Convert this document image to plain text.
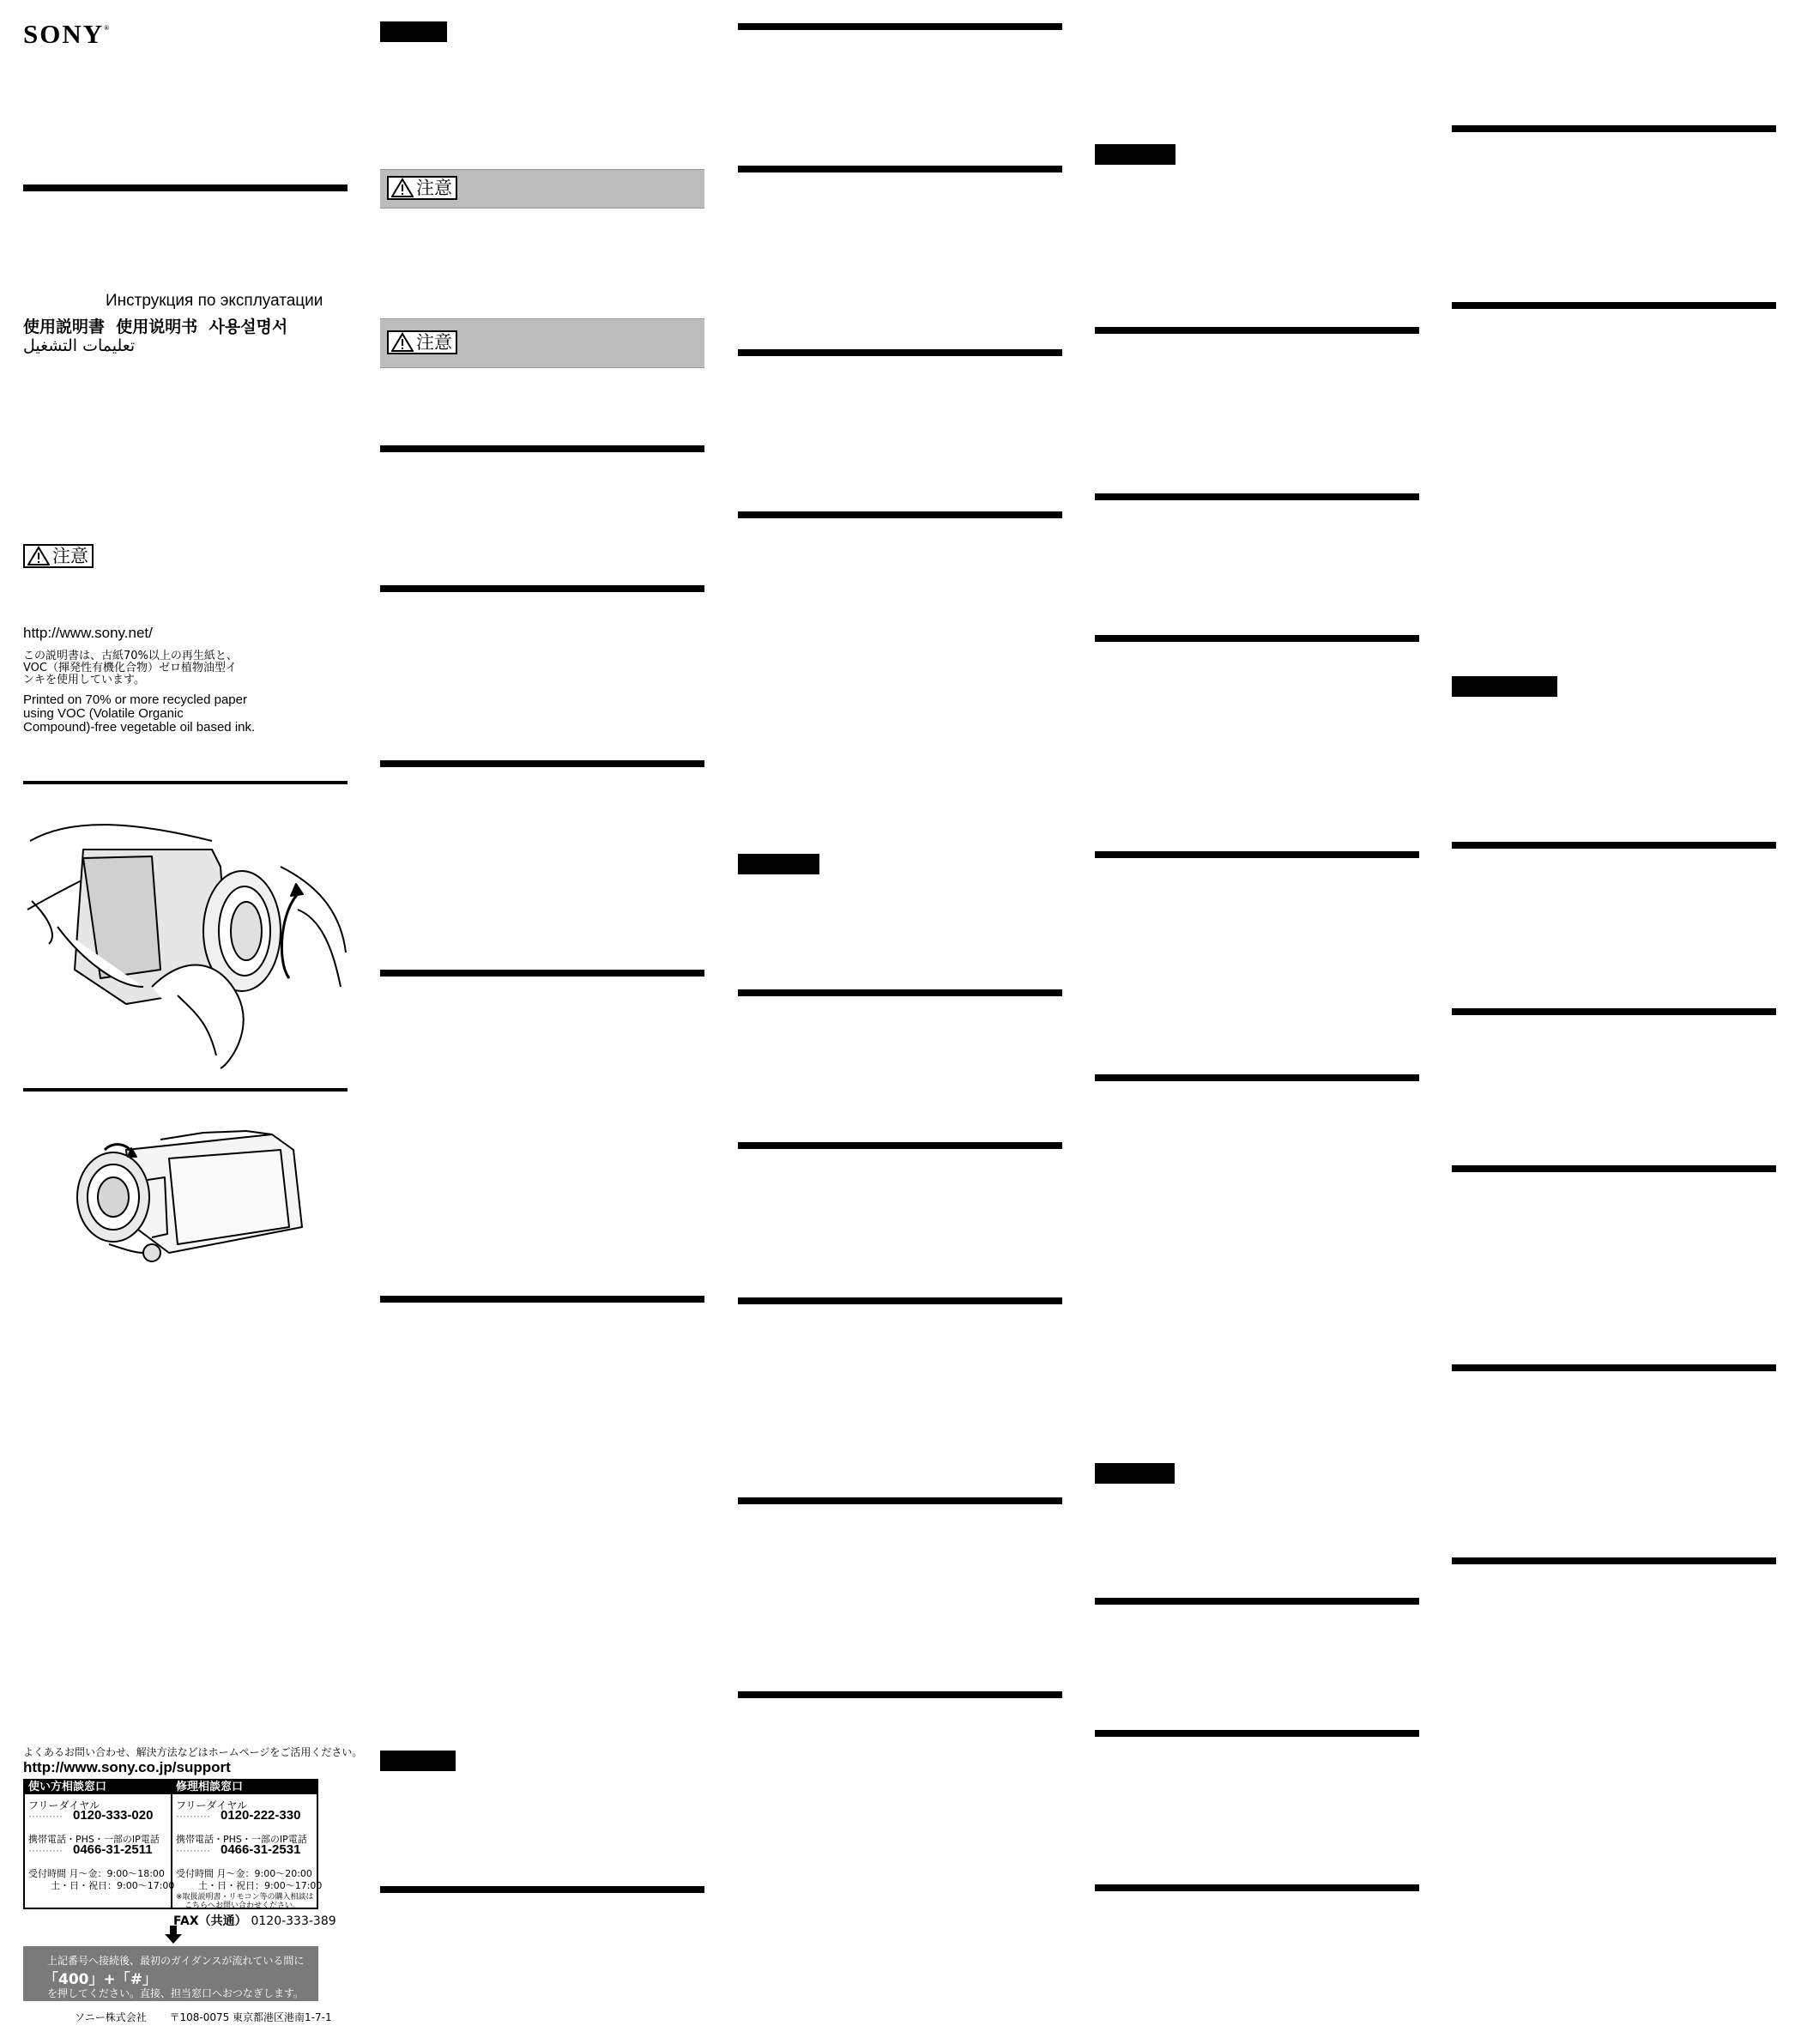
SONY®
Инструкция по эксплуатации
使用説明書 使用说明书 사용설명서
تعليمات التشغيل
注意
http://www.sony.net/
この説明書は、古紙70%以上の再生紙と、
VOC（揮発性有機化合物）ゼロ植物油型イ
ンキを使用しています。
Printed on 70% or more recycled paper
using VOC (Volatile Organic
Compound)-free vegetable oil based ink.
よくあるお問い合わせ、解決方法などはホームページをご活用ください。
http://www.sony.co.jp/support
使い方相談窓口
フリーダイヤル
·········· 0120-333-020
携帯電話・PHS・一部のIP電話
·········· 0466-31-2511
受付時間 月～金：9:00～18:00
土・日・祝日：9:00～17:00
修理相談窓口
フリーダイヤル
·········· 0120-222-330
携帯電話・PHS・一部のIP電話
·········· 0466-31-2531
受付時間 月～金：9:00～20:00
土・日・祝日：9:00～17:00
※取扱説明書・リモコン等の購入相談は
こちらへお問い合わせください。
FAX（共通） 0120-333-389
上記番号へ接続後、最初のガイダンスが流れている間に
「400」+「#」
を押してください。直接、担当窓口へおつなぎします。
ソニー株式会社 〒108-0075 東京都港区港南1-7-1
注意
注意
